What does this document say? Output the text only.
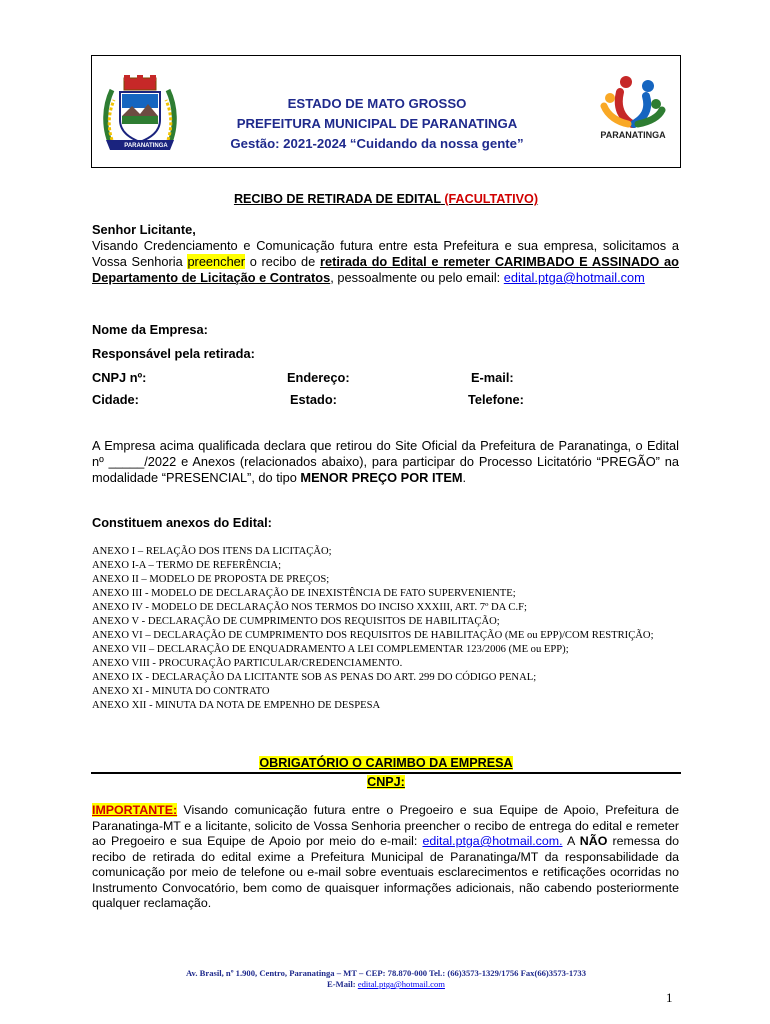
PARANATINGA
ESTADO DE MATO GROSSO
PREFEITURA MUNICIPAL DE PARANATINGA
Gestão: 2021-2024 “Cuidando da nossa gente”
PARANATINGA
RECIBO DE RETIRADA DE EDITAL (FACULTATIVO)
Senhor Licitante,
Visando Credenciamento e Comunicação futura entre esta Prefeitura e sua empresa, solicitamos a Vossa Senhoria preencher o recibo de retirada do Edital e remeter CARIMBADO E ASSINADO ao Departamento de Licitação e Contratos, pessoalmente ou pelo email: edital.ptga@hotmail.com
Nome da Empresa:
Responsável pela retirada:
CNPJ nº:	Endereço:	E-mail:
Cidade:	Estado:	Telefone:
A Empresa acima qualificada declara que retirou do Site Oficial da Prefeitura de Paranatinga, o Edital nº _____/2022 e Anexos (relacionados abaixo), para participar do Processo Licitatório “PREGÃO” na modalidade “PRESENCIAL”, do tipo MENOR PREÇO POR ITEM.
Constituem anexos do Edital:
ANEXO I – RELAÇÃO DOS ITENS DA LICITAÇÃO;
ANEXO I-A – TERMO DE REFERÊNCIA;
ANEXO II – MODELO DE PROPOSTA DE PREÇOS;
ANEXO III - MODELO DE DECLARAÇÃO DE INEXISTÊNCIA DE FATO SUPERVENIENTE;
ANEXO IV - MODELO DE DECLARAÇÃO NOS TERMOS DO INCISO XXXIII, ART. 7º DA C.F;
ANEXO V - DECLARAÇÃO DE CUMPRIMENTO DOS REQUISITOS DE HABILITAÇÃO;
ANEXO VI – DECLARAÇÃO DE CUMPRIMENTO DOS REQUISITOS DE HABILITAÇÃO (ME ou EPP)/COM RESTRIÇÃO;
ANEXO VII – DECLARAÇÃO DE ENQUADRAMENTO A LEI COMPLEMENTAR 123/2006 (ME ou EPP);
ANEXO VIII - PROCURAÇÃO PARTICULAR/CREDENCIAMENTO.
ANEXO IX - DECLARAÇÃO DA LICITANTE SOB AS PENAS DO ART. 299 DO CÓDIGO PENAL;
ANEXO XI - MINUTA DO CONTRATO
ANEXO XII - MINUTA DA NOTA DE EMPENHO DE DESPESA
OBRIGATÓRIO O CARIMBO DA EMPRESA
CNPJ:
IMPORTANTE: Visando comunicação futura entre o Pregoeiro e sua Equipe de Apoio, Prefeitura de Paranatinga-MT e a licitante, solicito de Vossa Senhoria preencher o recibo de entrega do edital e remeter ao Pregoeiro e sua Equipe de Apoio por meio do e-mail: edital.ptga@hotmail.com. A NÃO remessa do recibo de retirada do edital exime a Prefeitura Municipal de Paranatinga/MT da responsabilidade da comunicação por meio de telefone ou e-mail sobre eventuais esclarecimentos e retificações ocorridas no Instrumento Convocatório, bem como de quaisquer informações adicionais, não cabendo posteriormente qualquer reclamação.
Av. Brasil, nº 1.900, Centro, Paranatinga – MT – CEP: 78.870-000 Tel.: (66)3573-1329/1756 Fax(66)3573-1733
E-Mail: edital.ptga@hotmail.com
1
